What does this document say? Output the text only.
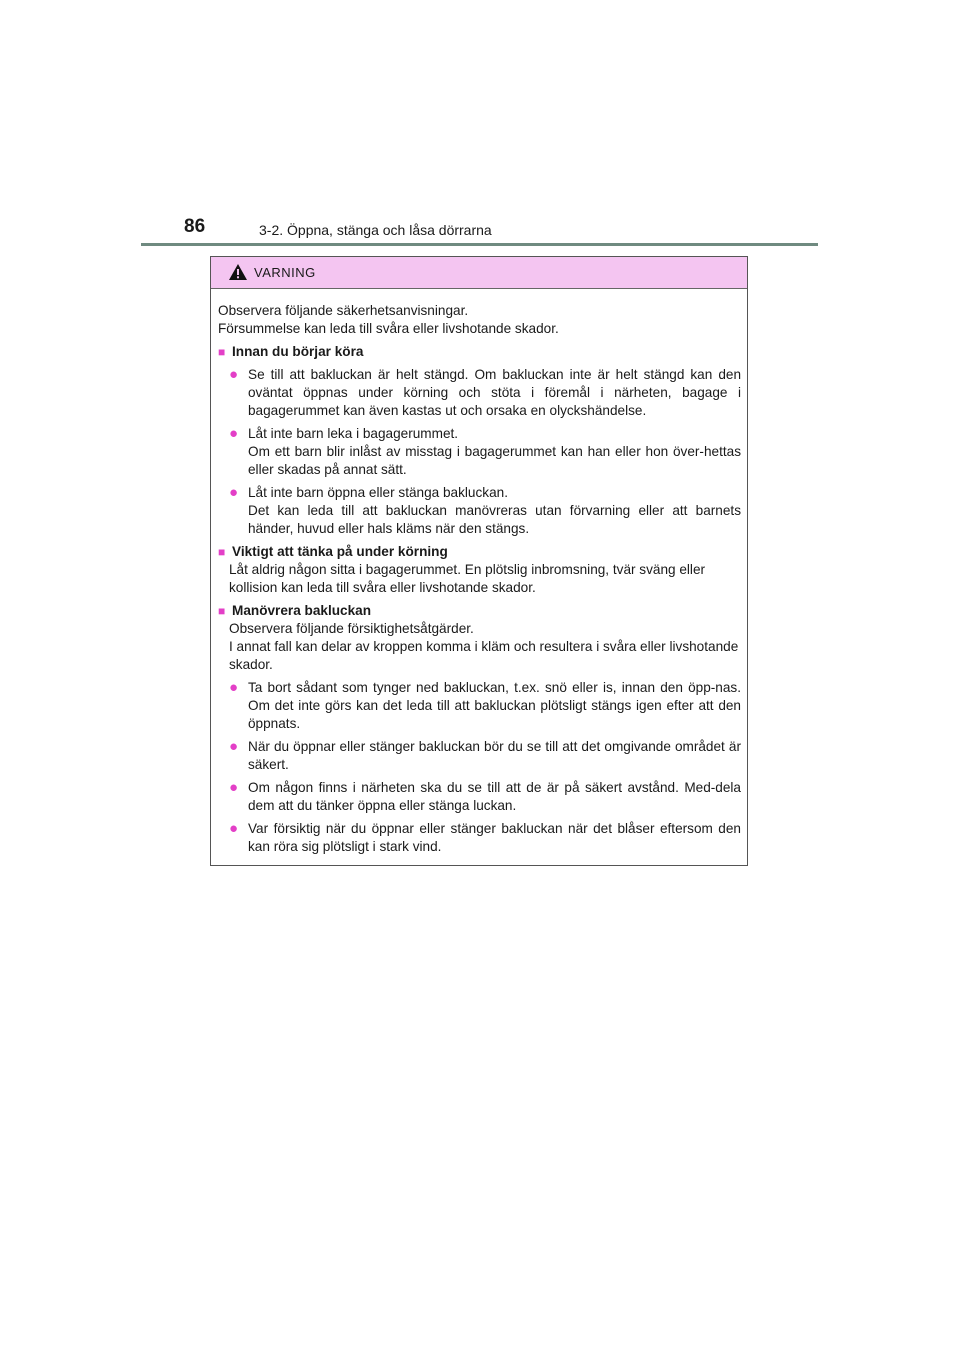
86	3-2. Öppna, stänga och låsa dörrarna
VARNING

Observera följande säkerhetsanvisningar.

Försummelse kan leda till svåra eller livshotande skador.

■ Innan du börjar köra
● Se till att bakluckan är helt stängd. Om bakluckan inte är helt stängd kan den oväntat öppnas under körning och stöta i föremål i närheten, bagage i bagagerummet kan även kastas ut och orsaka en olyckshändelse.

● Låt inte barn leka i bagagerummet.

Om ett barn blir inlåst av misstag i bagagerummet kan han eller hon över-hettas eller skadas på annat sätt.

● Låt inte barn öppna eller stänga bakluckan.

Det kan leda till att bakluckan manövreras utan förvarning eller att barnets händer, huvud eller hals kläms när den stängs.

■ Viktigt att tänka på under körning

Låt aldrig någon sitta i bagagerummet. En plötslig inbromsning, tvär sväng eller kollision kan leda till svåra eller livshotande skador.

■ Manövrera bakluckan

Observera följande försiktighetsåtgärder.

I annat fall kan delar av kroppen komma i kläm och resultera i svåra eller livshotande skador.

● Ta bort sådant som tynger ned bakluckan, t.ex. snö eller is, innan den öpp-nas. Om det inte görs kan det leda till att bakluckan plötsligt stängs igen efter att den öppnats.

● När du öppnar eller stänger bakluckan bör du se till att det omgivande området är säkert.

● Om någon finns i närheten ska du se till att de är på säkert avstånd. Med-dela dem att du tänker öppna eller stänga luckan.

● Var försiktig när du öppnar eller stänger bakluckan när det blåser eftersom den kan röra sig plötsligt i stark vind.
